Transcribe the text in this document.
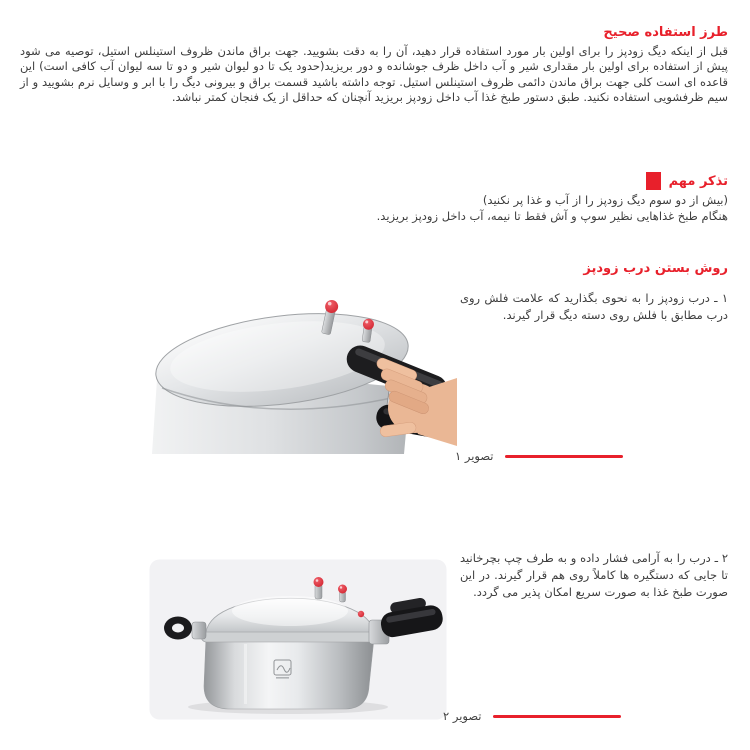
طرز استفاده صحیح

قبل از اینکه دیگ زودپز را برای اولین بار مورد استفاده قرار دهید، آن را به دقت بشویید. جهت براق ماندن ظروف استینلس استیل، توصیه می شود پیش از استفاده برای اولین بار مقداری شیر و آب داخل ظرف جوشانده و دور بریزید(حدود یک تا دو لیوان شیر و دو تا سه لیوان آب کافی است) این قاعده ای است کلی جهت براق ماندن دائمی ظروف استینلس استیل. توجه داشته باشید قسمت براق و بیرونی دیگ را با ابر و وسایل نرم بشویید و از سیم ظرفشویی استفاده نکنید. طبق دستور طبخ غذا آب داخل زودپز بریزید آنچنان که حداقل از یک فنجان کمتر نباشد.

تذکر مهم
(بیش از دو سوم دیگ زودپز را از آب و غذا پر نکنید)
هنگام طبخ غذاهایی نظیر سوپ و آش فقط تا نیمه، آب داخل زودپز بریزید.
روش بستن درب زودپز

۱ ـ درب زودپز را به نحوی بگذارید که علامت فلش روی درب مطابق با فلش روی دسته دیگ قرار گیرند.

تصویر ۱

۲ ـ درب را به آرامی فشار داده و به طرف چپ بچرخانید تا جایی که دستگیره ها کاملاً روی هم قرار گیرند. در این صورت طبخ غذا به صورت سریع امکان پذیر می گردد.

تصویر ۲
